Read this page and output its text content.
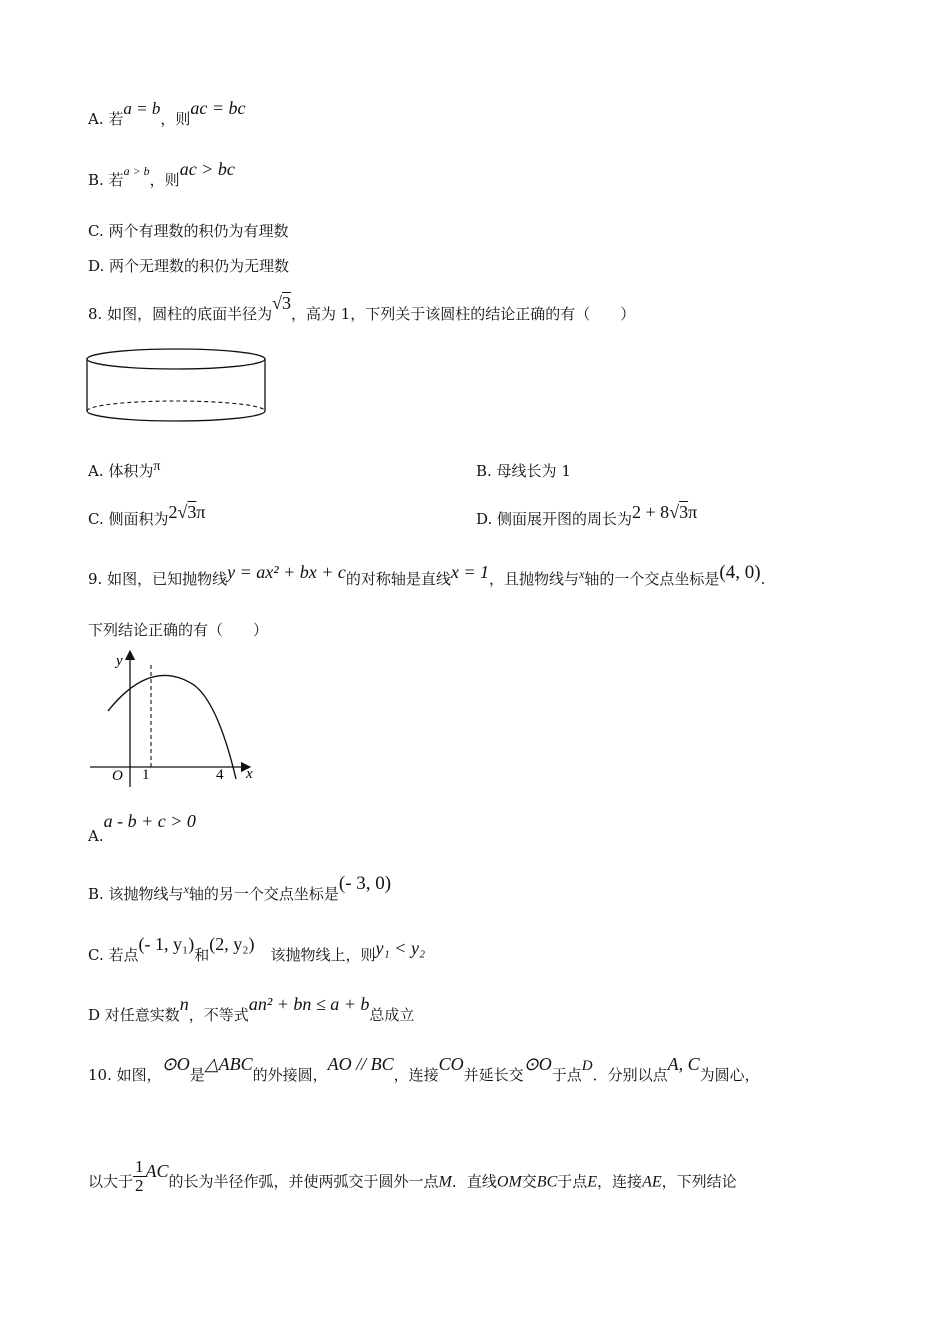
A. 若a = b，则ac = bc
B. 若$^{a > b}$，则ac > bc
C. 两个有理数的积仍为有理数
D. 两个无理数的积仍为无理数
8. 如图，圆柱的底面半径为√3，高为 1，下列关于该圆柱的结论正确的有（　　）
A. 体积为π	B. 母线长为 1
C. 侧面积为2√3π	D. 侧面展开图的周长为2 + 8√3π
9. 如图，已知抛物线y = ax² + bx + c的对称轴是直线x = 1，且抛物线与$^x$轴的一个交点坐标是(4, 0).
下列结论正确的有（　　）
y
x
O 1	4
A.a - b + c > 0
B. 该抛物线与$^x$轴的另一个交点坐标是(- 3, 0)
C. 若点(- 1, y₁)和(2, y₂)该抛物线上，则y₁ < y₂
D 对任意实数n，不等式an² + bn ≤ a + b总成立
10. 如图，⊙O是△ABC的外接圆，AO // BC，连接CO并延长交⊙O于点D．分别以点A, C为圆心，
以大于 $\frac{1}{2}$ AC的长为半径作弧，并使两弧交于圆外一点M．直线OM交BC于点E，连接AE，下列结论
